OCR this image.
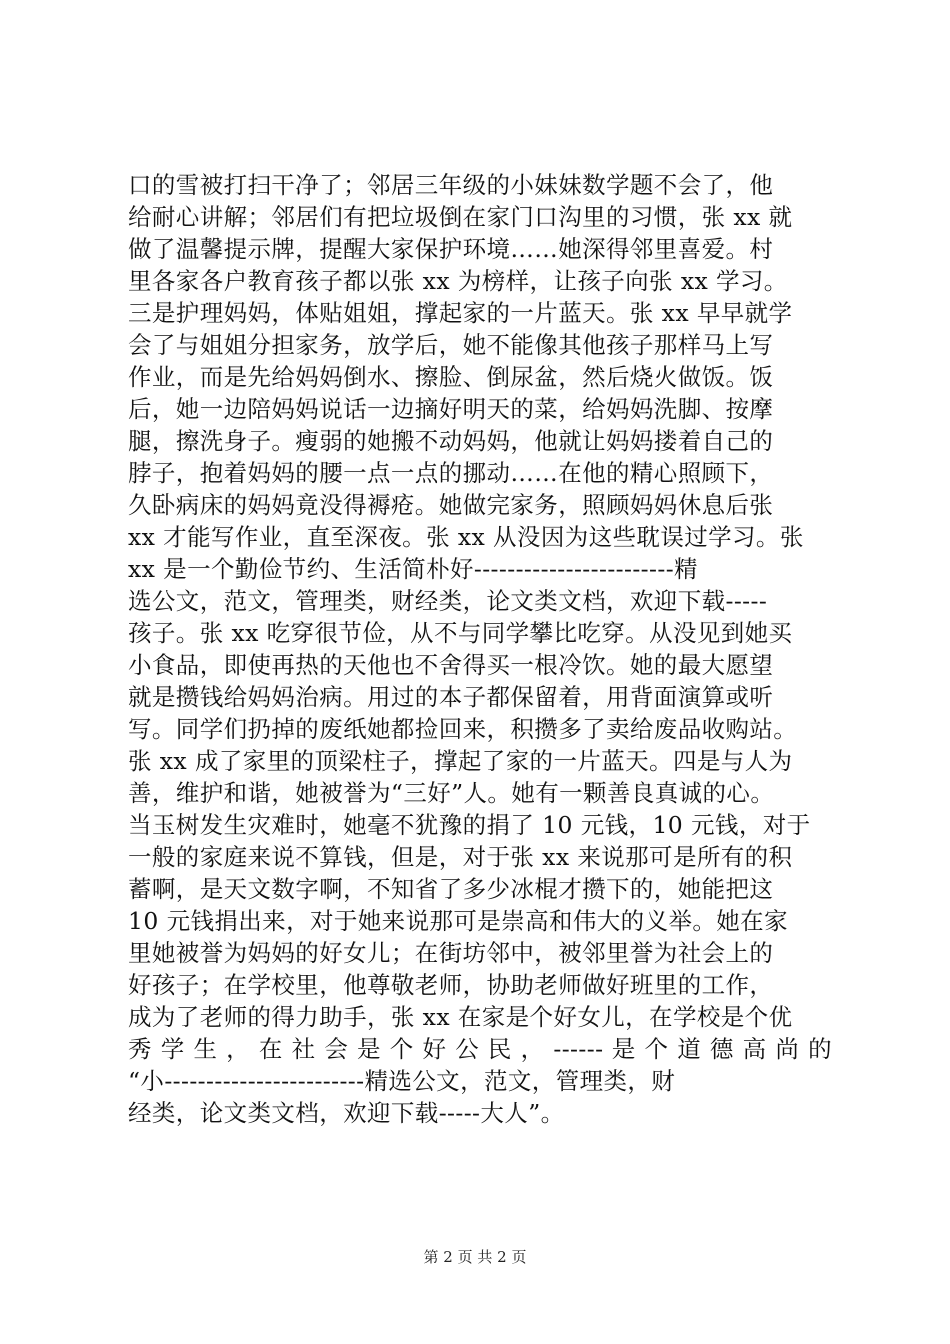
口的雪被打扫干净了；邻居三年级的小妹妹数学题不会了，他
给耐心讲解；邻居们有把垃圾倒在家门口沟里的习惯，张 xx 就
做了温馨提示牌，提醒大家保护环境……她深得邻里喜爱。村
里各家各户教育孩子都以张 xx 为榜样，让孩子向张 xx 学习。
三是护理妈妈，体贴姐姐，撑起家的一片蓝天。张 xx 早早就学
会了与姐姐分担家务，放学后，她不能像其他孩子那样马上写
作业，而是先给妈妈倒水、擦脸、倒尿盆，然后烧火做饭。饭
后，她一边陪妈妈说话一边摘好明天的菜，给妈妈洗脚、按摩
腿，擦洗身子。瘦弱的她搬不动妈妈，他就让妈妈搂着自己的
脖子，抱着妈妈的腰一点一点的挪动……在他的精心照顾下，
久卧病床的妈妈竟没得褥疮。她做完家务，照顾妈妈休息后张
xx 才能写作业，直至深夜。张 xx 从没因为这些耽误过学习。张
xx 是一个勤俭节约、生活简朴好------------------------精
选公文，范文，管理类，财经类，论文类文档，欢迎下载-----
孩子。张 xx 吃穿很节俭，从不与同学攀比吃穿。从没见到她买
小食品，即使再热的天他也不舍得买一根冷饮。她的最大愿望
就是攒钱给妈妈治病。用过的本子都保留着，用背面演算或听
写。同学们扔掉的废纸她都捡回来，积攒多了卖给废品收购站。
张 xx 成了家里的顶梁柱子，撑起了家的一片蓝天。四是与人为
善，维护和谐，她被誉为“三好”人。她有一颗善良真诚的心。
当玉树发生灾难时，她毫不犹豫的捐了 10 元钱，10 元钱，对于
一般的家庭来说不算钱，但是，对于张 xx 来说那可是所有的积
蓄啊，是天文数字啊，不知省了多少冰棍才攒下的，她能把这
10 元钱捐出来，对于她来说那可是崇高和伟大的义举。她在家
里她被誉为妈妈的好女儿；在街坊邻中，被邻里誉为社会上的
好孩子；在学校里，他尊敬老师，协助老师做好班里的工作，
成为了老师的得力助手，张 xx 在家是个好女儿，在学校是个优
秀 学 生 ， 在 社 会 是 个 好 公 民 ， ------ 是 个 道 德 高 尚 的
“小------------------------精选公文，范文，管理类，财
经类，论文类文档，欢迎下载-----大人”。
第 2 页 共 2 页
